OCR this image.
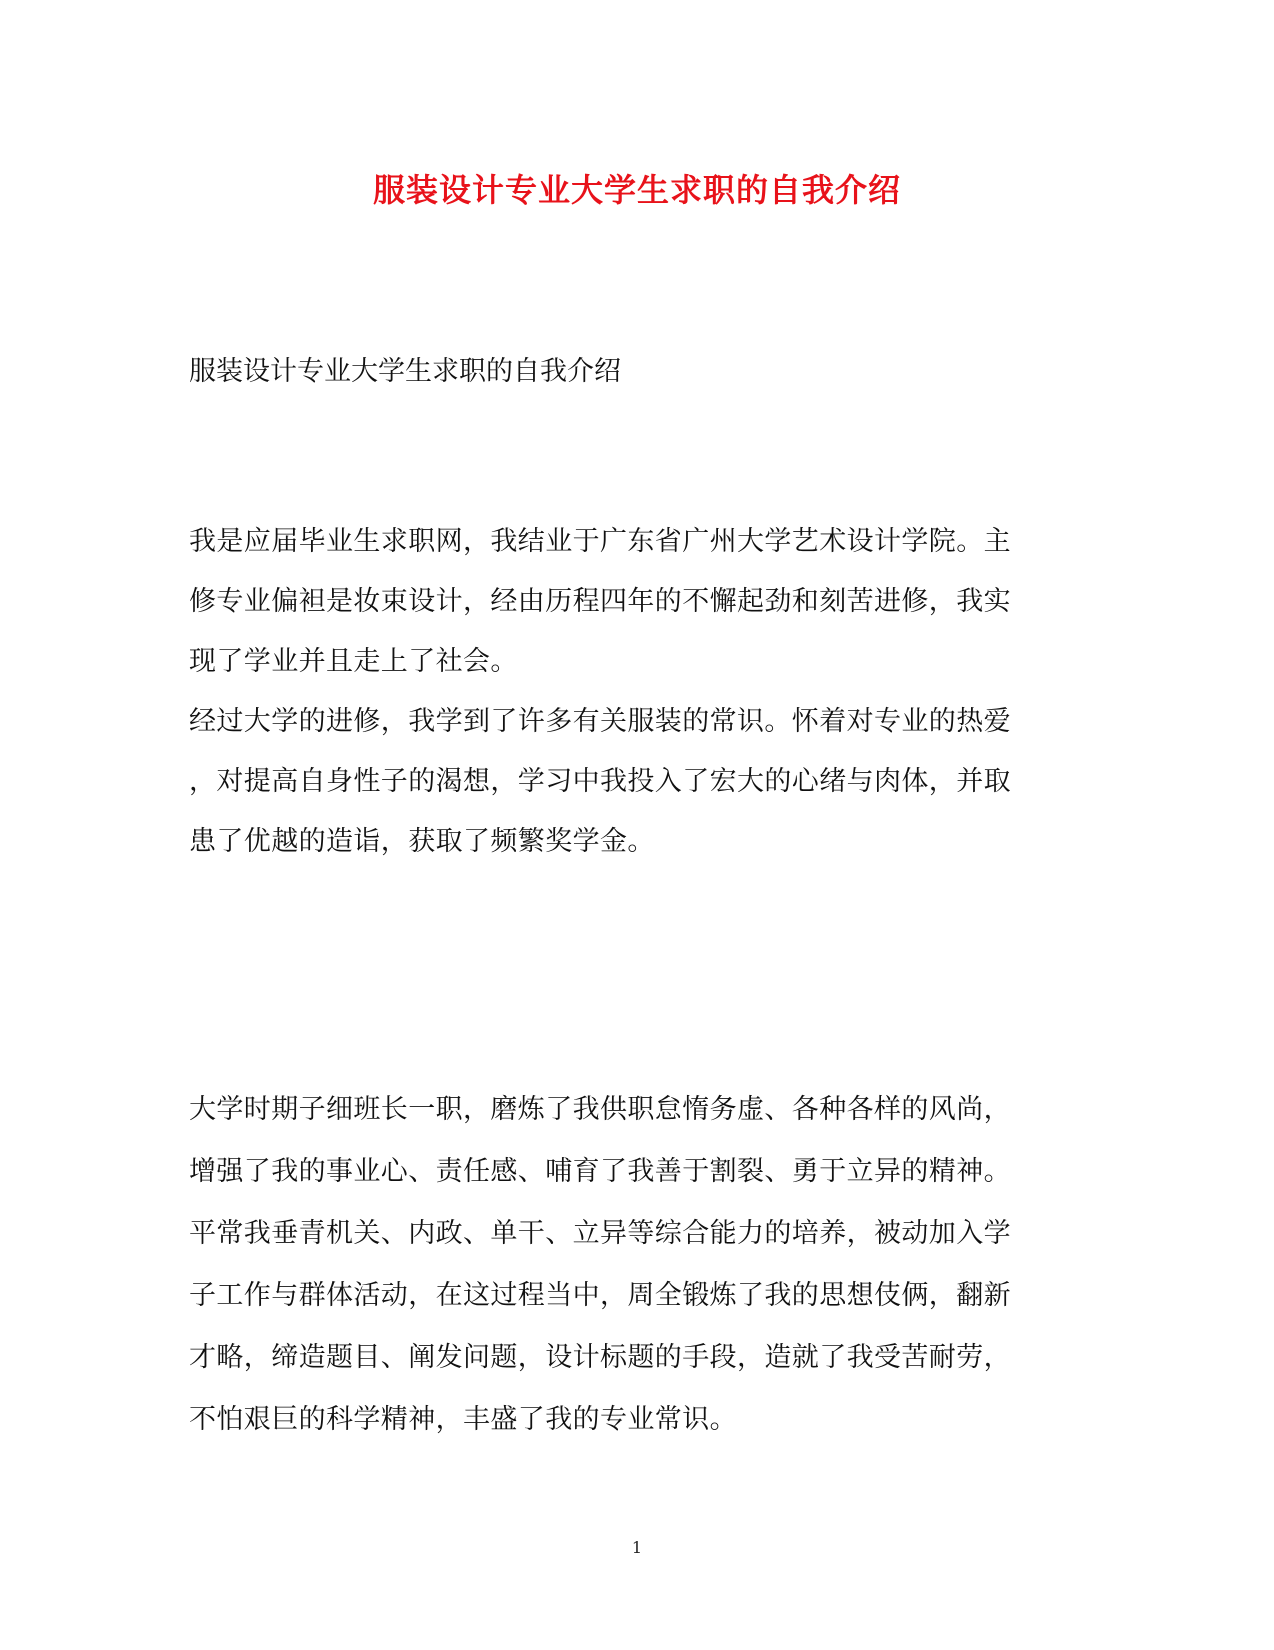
服装设计专业大学生求职的自我介绍

服装设计专业大学生求职的自我介绍

我是应届毕业生求职网，我结业于广东省广州大学艺术设计学院。主

修专业偏袒是妆束设计，经由历程四年的不懈起劲和刻苦进修，我实

现了学业并且走上了社会。

经过大学的进修，我学到了许多有关服装的常识。怀着对专业的热爱

，对提高自身性子的渴想，学习中我投入了宏大的心绪与肉体，并取

患了优越的造诣，获取了频繁奖学金。

大学时期子细班长一职，磨炼了我供职怠惰务虚、各种各样的风尚，

增强了我的事业心、责任感、哺育了我善于割裂、勇于立异的精神。

平常我垂青机关、内政、单干、立异等综合能力的培养，被动加入学

子工作与群体活动，在这过程当中，周全锻炼了我的思想伎俩，翻新

才略，缔造题目、阐发问题，设计标题的手段，造就了我受苦耐劳，

不怕艰巨的科学精神，丰盛了我的专业常识。

1
